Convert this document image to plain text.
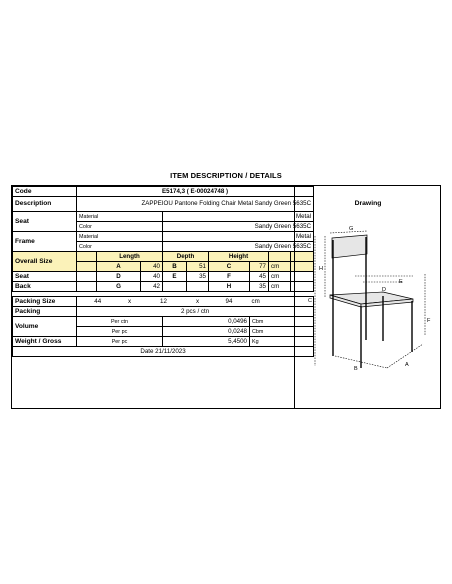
ITEM DESCRIPTION / DETAILS
Code	E5174,3 ( E-00024748 )									
Description	ZAPPEIOU Pantone Folding Chair Metal Sandy Green 5635C									
Seat	Material				Metal					
	Color				Sandy Green 5635C					
Frame	Material				Metal					
	Color				Sandy Green 5635C					
Overall Size		Length			Depth		Height			
		A		40	B	51	C	77	cm	
Seat		D		40	E	35	F	45	cm	
Back		G		42			H	35	cm	

Packing Size	44		x	12		x	94	cm		
Packing	2 pcs / ctn									
Volume	Per ctn				0,0496			Cbm		
	Per pc				0,0248			Cbm		
Weight / Gross	Per pc				5,4500			Kg		
Date 21/11/2023										
Drawing
G
H
C
E
D
F
B
A
